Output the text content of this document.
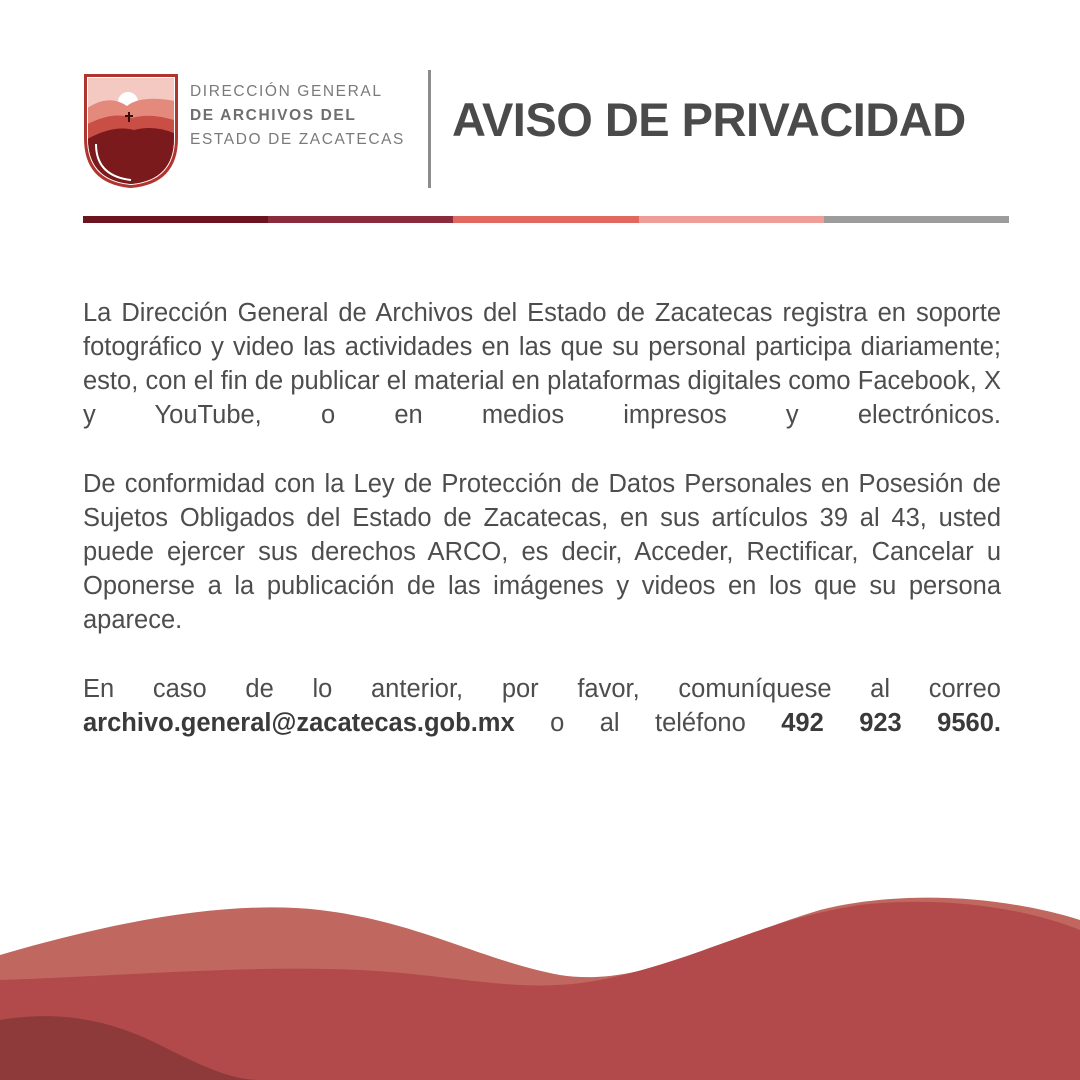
DIRECCIÓN GENERAL
DE ARCHIVOS DEL
ESTADO DE ZACATECAS	AVISO DE PRIVACIDAD

La Dirección General de Archivos del Estado de Zacatecas registra en soporte fotográfico y video las actividades en las que su personal participa diariamente; esto, con el fin de publicar el material en plataformas digitales como Facebook, X y YouTube, o en medios impresos y electrónicos.

De conformidad con la Ley de Protección de Datos Personales en Posesión de Sujetos Obligados del Estado de Zacatecas, en sus artículos 39 al 43, usted puede ejercer sus derechos ARCO, es decir, Acceder, Rectificar, Cancelar u Oponerse a la publicación de las imágenes y videos en los que su persona aparece.

En caso de lo anterior, por favor, comuníquese al correo archivo.general@zacatecas.gob.mx o al teléfono 492 923 9560.
